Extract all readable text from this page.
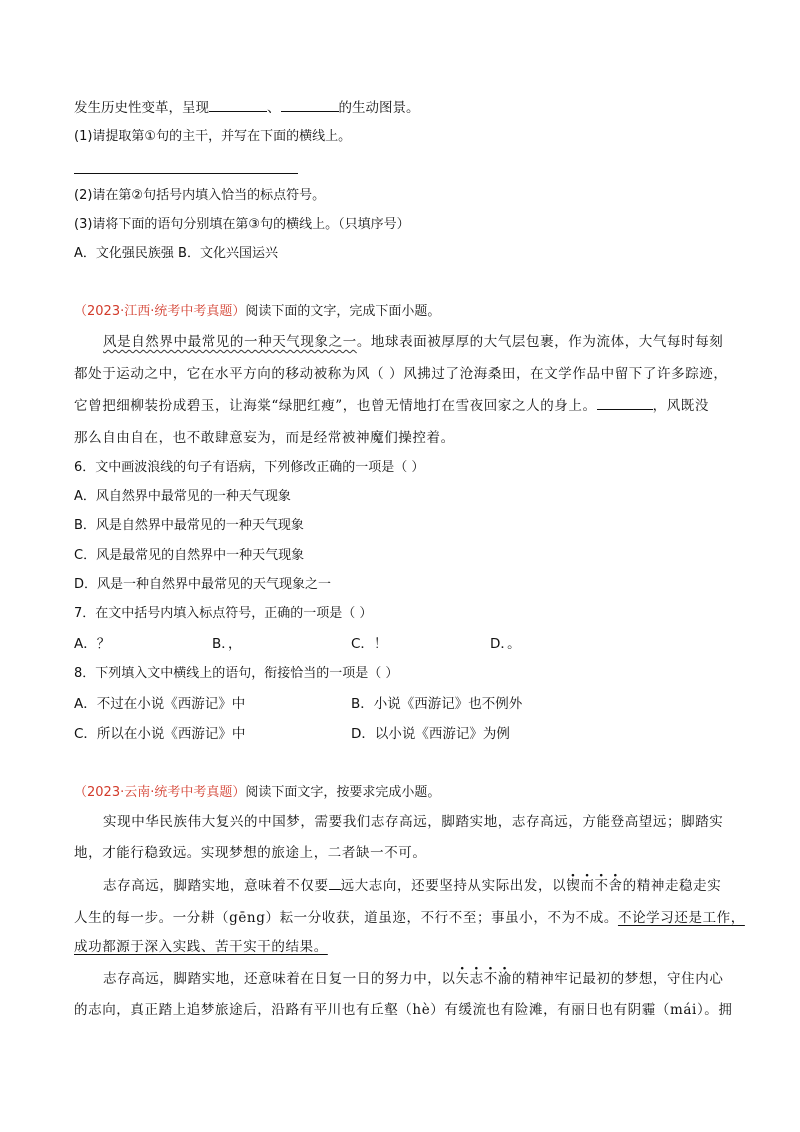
发生历史性变革，呈现	、	的生动图景。
(1)请提取第①句的主干，并写在下面的横线上。
(2)请在第②句括号内填入恰当的标点符号。
(3)请将下面的语句分别填在第③句的横线上。（只填序号）
A．文化强民族强 B．文化兴国运兴
（2023·江西·统考中考真题）阅读下面的文字，完成下面小题。
风是自然界中最常见的一种天气现象之一。地球表面被厚厚的大气层包裹，作为流体，大气每时每刻
都处于运动之中，它在水平方向的移动被称为风（ ）风拂过了沧海桑田，在文学作品中留下了许多踪迹，
它曾把细柳装扮成碧玉，让海棠“绿肥红瘦”，也曾无情地打在雪夜回家之人的身上。	，风既没
那么自由自在，也不敢肆意妄为，而是经常被神魔们操控着。
6．文中画波浪线的句子有语病，下列修改正确的一项是（ ）
A．风自然界中最常见的一种天气现象
B．风是自然界中最常见的一种天气现象
C．风是最常见的自然界中一种天气现象
D．风是一种自然界中最常见的天气现象之一
7．在文中括号内填入标点符号，正确的一项是（ ）
A．？	B．，	C．！	D．。
8．下列填入文中横线上的语句，衔接恰当的一项是（ ）
A．不过在小说《西游记》中	B．小说《西游记》也不例外
C．所以在小说《西游记》中	D．以小说《西游记》为例
（2023·云南·统考中考真题）阅读下面文字，按要求完成小题。
实现中华民族伟大复兴的中国梦，需要我们志存高远，脚踏实地，志存高远，方能登高望远；脚踏实
地，才能行稳致远。实现梦想的旅途上，二者缺一不可。
志存高远，脚踏实地，意味着不仅要 远大志向，还要坚持从实际出发，以锲而不舍的精神走稳走实
人生的每一步。一分耕（gēng）耘一分收获，道虽迩，不行不至；事虽小，不为不成。不论学习还是工作，
成功都源于深入实践、苦干实干的结果。
志存高远，脚踏实地，还意味着在日复一日的努力中，以矢志不渝的精神牢记最初的梦想，守住内心
的志向，真正踏上追梦旅途后，沿路有平川也有丘壑（hè）有缓流也有险滩，有丽日也有阴霾（mái）。拥
